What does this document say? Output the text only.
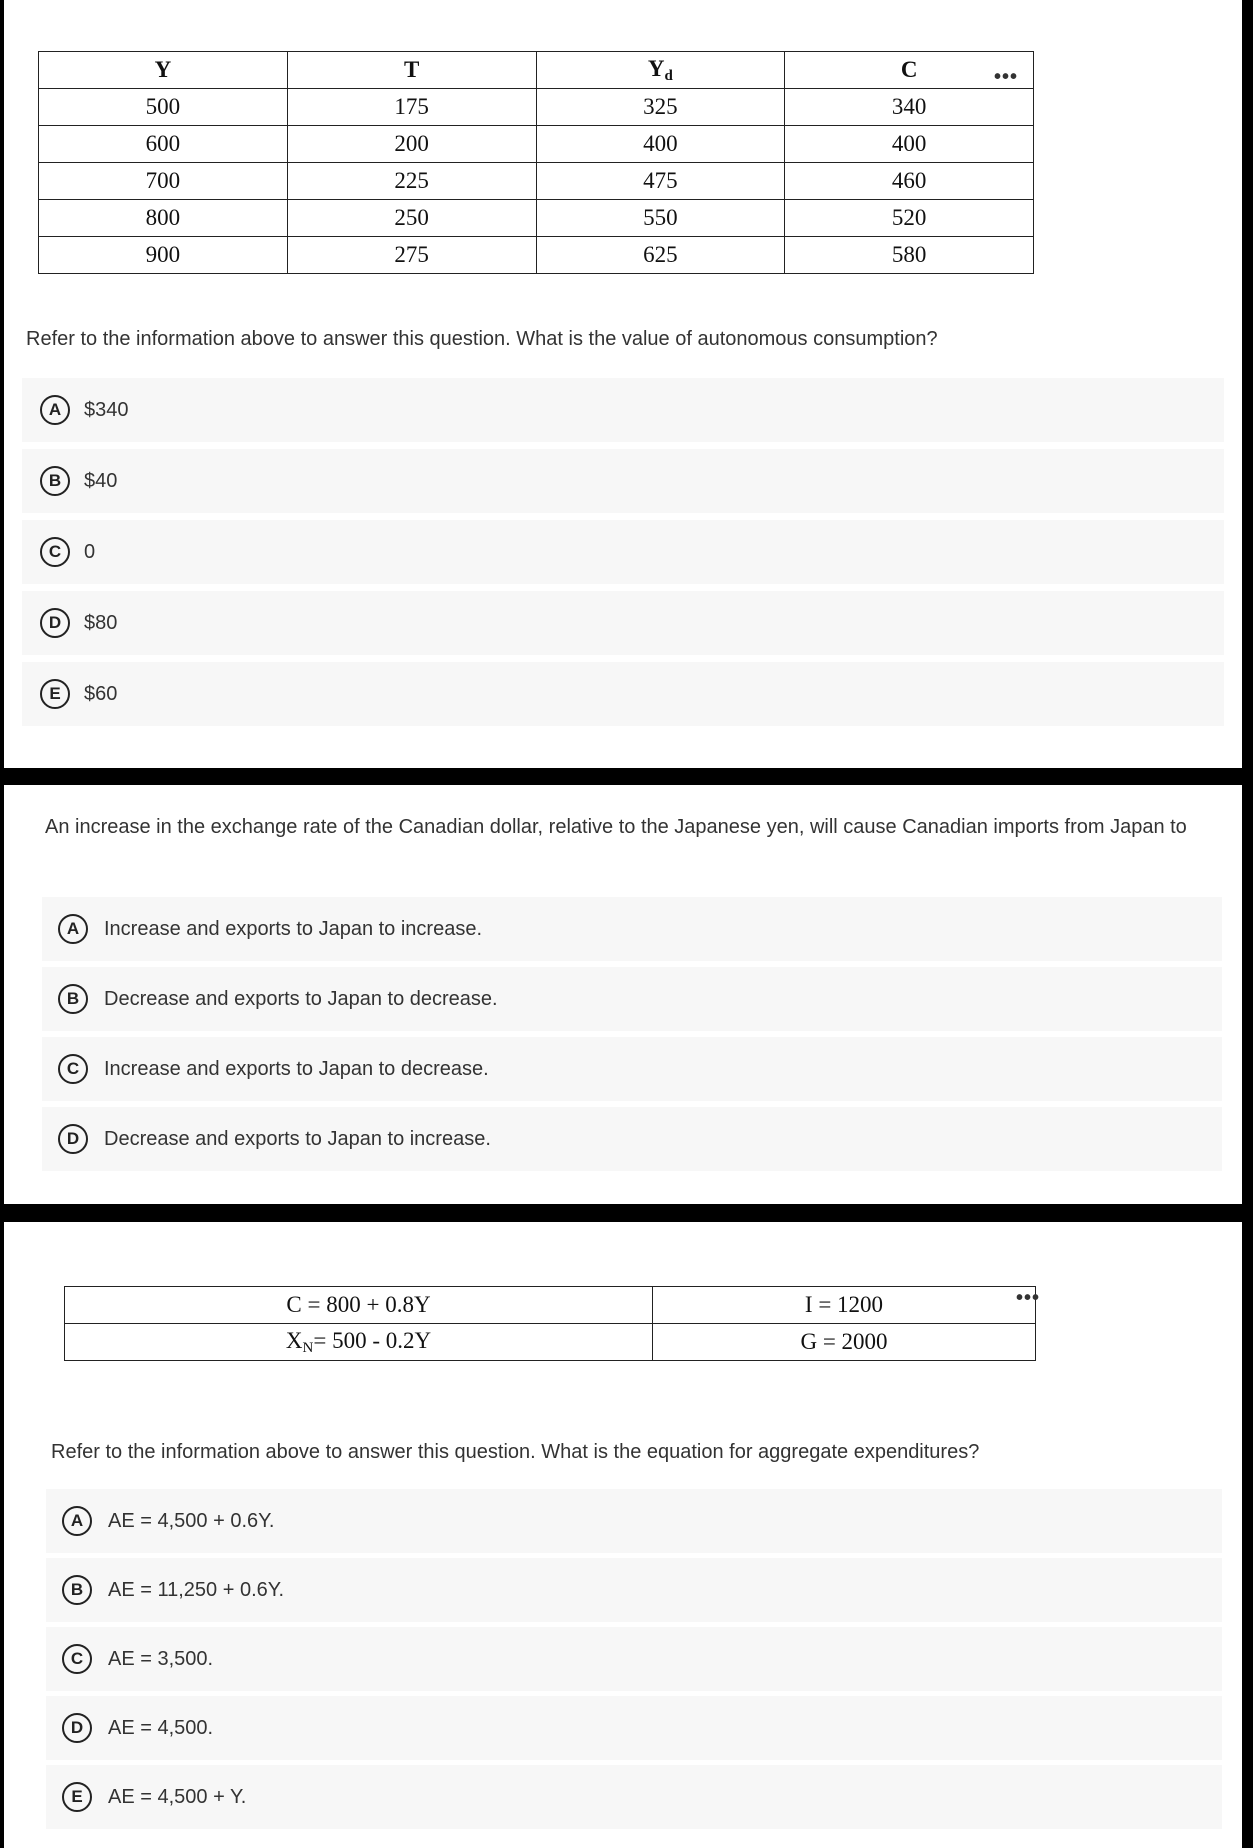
Y	T	$Y_d$	C
500	175	325	340
600	200	400	400
700	225	475	460
800	250	550	520
900	275	625	580
•••

Refer to the information above to answer this question. What is the value of autonomous consumption?

A	$340
B	$40
C	0
D	$80
E	$60

An increase in the exchange rate of the Canadian dollar, relative to the Japanese yen, will cause Canadian imports from Japan to

A	Increase and exports to Japan to increase.
B	Decrease and exports to Japan to decrease.
C	Increase and exports to Japan to decrease.
D	Decrease and exports to Japan to increase.
C = 800 + 0.8Y	I = 1200
$X_N= 500 - 0.2Y$	G = 2000
•••

Refer to the information above to answer this question. What is the equation for aggregate expenditures?

A	AE = 4,500 + 0.6Y.
B	AE = 11,250 + 0.6Y.
C	AE = 3,500.
D	AE = 4,500.
E	AE = 4,500 + Y.
